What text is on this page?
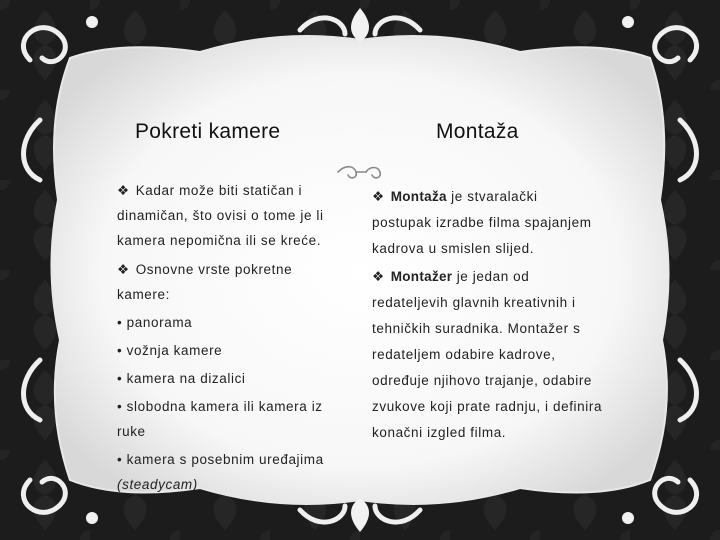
Pokreti kamere	Montaža

❖ Kadar može biti statičan i

dinamičan, što ovisi o tome je li

kamera nepomična ili se kreće.

❖ Osnovne vrste pokretne

kamere:

• panorama

• vožnja kamere

• kamera na dizalici

• slobodna kamera ili kamera iz

ruke

• kamera s posebnim uređajima

(steadycam)

❖ Montaža je stvaralački

postupak izradbe filma spajanjem

kadrova u smislen slijed.

❖ Montažer je jedan od

redateljevih glavnih kreativnih i

tehničkih suradnika. Montažer s

redateljem odabire kadrove,

određuje njihovo trajanje, odabire

zvukove koji prate radnju, i definira

konačni izgled filma.
